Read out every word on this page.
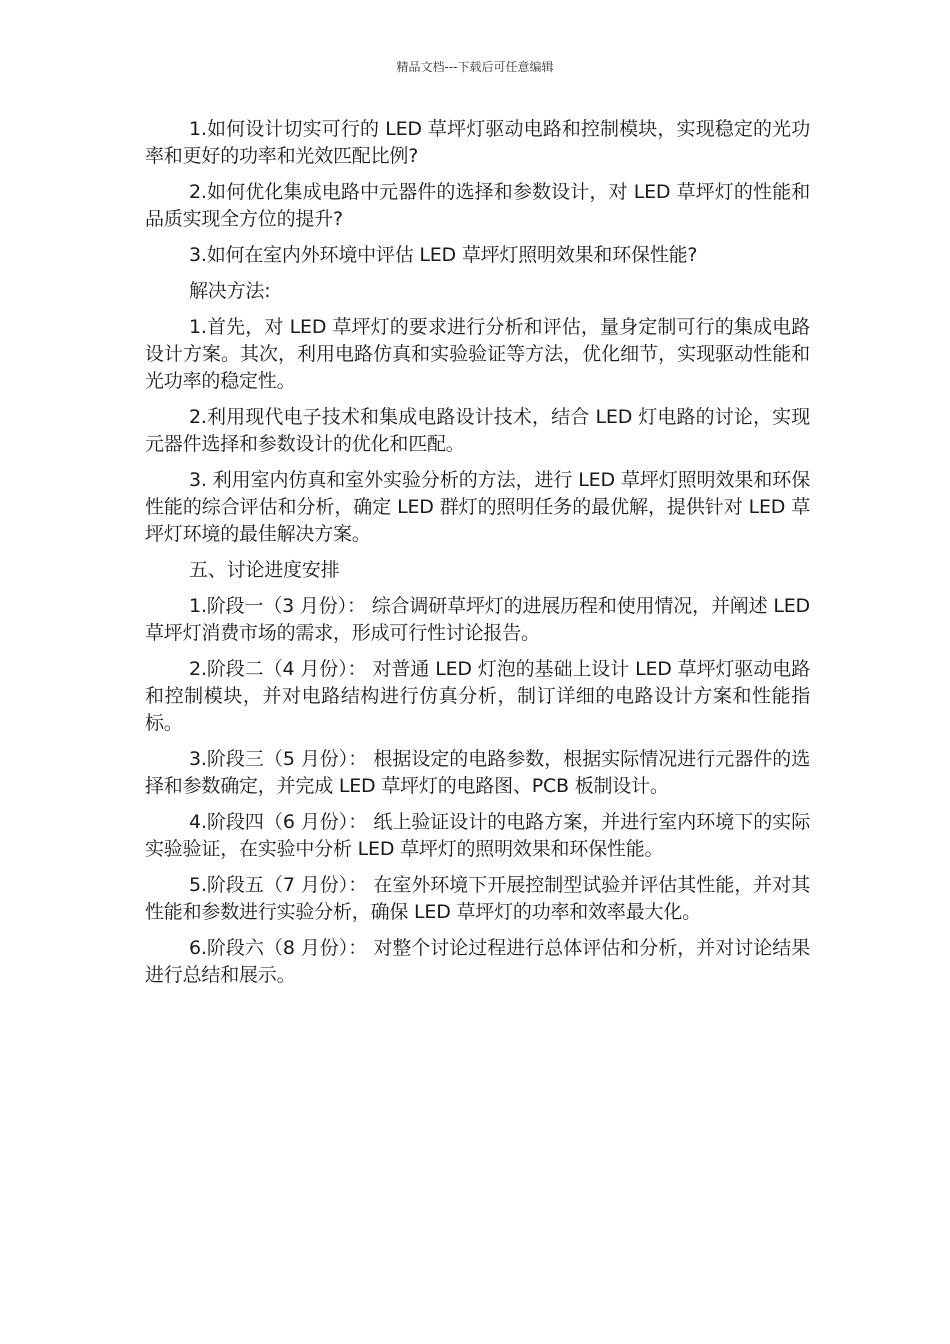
精品文档---下载后可任意编辑

1.如何设计切实可行的 LED 草坪灯驱动电路和控制模块，实现稳定的光功率和更好的功率和光效匹配比例?

2.如何优化集成电路中元器件的选择和参数设计，对 LED 草坪灯的性能和品质实现全方位的提升?

3.如何在室内外环境中评估 LED 草坪灯照明效果和环保性能?

解决方法:

1.首先，对 LED 草坪灯的要求进行分析和评估，量身定制可行的集成电路设计方案。其次，利用电路仿真和实验验证等方法，优化细节，实现驱动性能和光功率的稳定性。

2.利用现代电子技术和集成电路设计技术，结合 LED 灯电路的讨论，实现元器件选择和参数设计的优化和匹配。

3. 利用室内仿真和室外实验分析的方法，进行 LED 草坪灯照明效果和环保性能的综合评估和分析，确定 LED 群灯的照明任务的最优解，提供针对 LED 草坪灯环境的最佳解决方案。

五、讨论进度安排

1.阶段一（3 月份）： 综合调研草坪灯的进展历程和使用情况，并阐述 LED 草坪灯消费市场的需求，形成可行性讨论报告。

2.阶段二（4 月份）： 对普通 LED 灯泡的基础上设计 LED 草坪灯驱动电路和控制模块，并对电路结构进行仿真分析，制订详细的电路设计方案和性能指标。

3.阶段三（5 月份）： 根据设定的电路参数，根据实际情况进行元器件的选择和参数确定，并完成 LED 草坪灯的电路图、PCB 板制设计。

4.阶段四（6 月份）： 纸上验证设计的电路方案，并进行室内环境下的实际实验验证，在实验中分析 LED 草坪灯的照明效果和环保性能。

5.阶段五（7 月份）： 在室外环境下开展控制型试验并评估其性能，并对其性能和参数进行实验分析，确保 LED 草坪灯的功率和效率最大化。

6.阶段六（8 月份）： 对整个讨论过程进行总体评估和分析，并对讨论结果进行总结和展示。
